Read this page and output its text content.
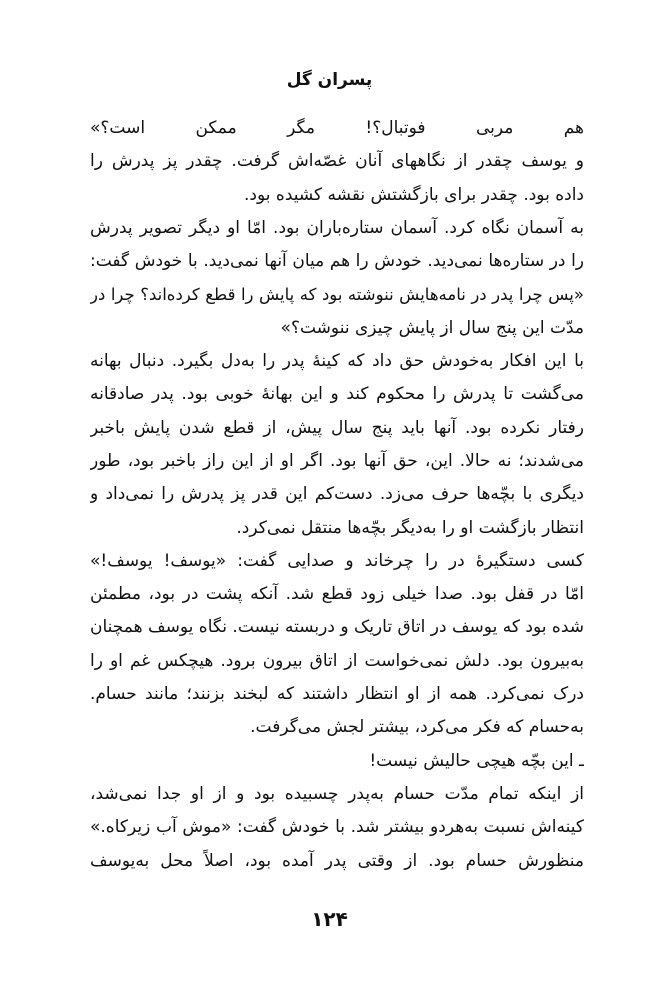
پسران گل
هم مربی فوتبال؟! مگر ممکن است؟»
و یوسف چقدر از نگاههای آنان غصّه‌اش گرفت. چقدر پز پدرش را
داده بود. چقدر برای بازگشتش نقشه کشیده بود.
به آسمان نگاه کرد. آسمان ستاره‌باران بود. امّا او دیگر تصویر پدرش
را در ستاره‌ها نمی‌دید. خودش را هم میان آنها نمی‌دید. با خودش گفت:
«پس چرا پدر در نامه‌هایش ننوشته بود که پایش را قطع کرده‌اند؟ چرا در
مدّت این پنج سال از پایش چیزی ننوشت؟»
با این افکار به‌خودش حق داد که کینهٔ پدر را به‌دل بگیرد. دنبال بهانه
می‌گشت تا پدرش را محکوم کند و این بهانهٔ خوبی بود. پدر صادقانه
رفتار نکرده بود. آنها باید پنج سال پیش، از قطع شدن پایش باخبر
می‌شدند؛ نه حالا. این، حق آنها بود. اگر او از این راز باخبر بود، طور
دیگری با بچّه‌ها حرف می‌زد. دست‌کم این قدر پز پدرش را نمی‌داد و
انتظار بازگشت او را به‌دیگر بچّه‌ها منتقل نمی‌کرد.
کسی دستگیرهٔ در را چرخاند و صدایی گفت: «یوسف! یوسف!»
امّا در قفل بود. صدا خیلی زود قطع شد. آنکه پشت در بود، مطمئن
شده بود که یوسف در اتاق تاریک و دربسته نیست. نگاه یوسف همچنان
به‌بیرون بود. دلش نمی‌خواست از اتاق بیرون برود. هیچکس غم او را
درک نمی‌کرد. همه از او انتظار داشتند که لبخند بزنند؛ مانند حسام.
به‌حسام که فکر می‌کرد، بیشتر لجش می‌گرفت.
ـ این بچّه هیچی حالیش نیست!
از اینکه تمام مدّت حسام به‌پدر چسبیده بود و از او جدا نمی‌شد،
کینه‌اش نسبت به‌هردو بیشتر شد. با خودش گفت: «موش آب زیرکاه.»
منظورش حسام بود. از وقتی پدر آمده بود، اصلاً محل به‌یوسف
۱۲۴
